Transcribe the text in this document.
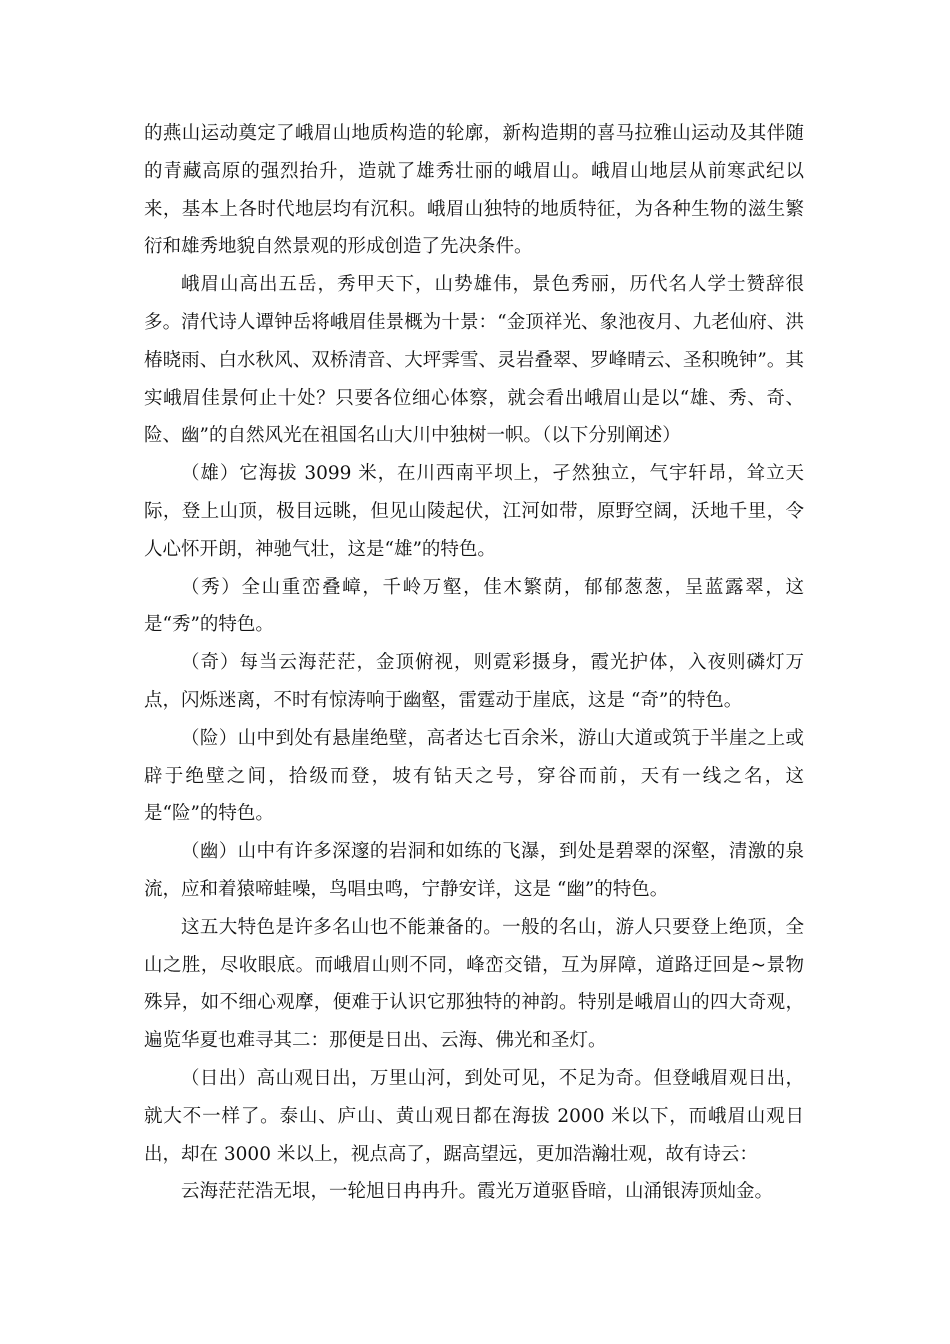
的燕山运动奠定了峨眉山地质构造的轮廓，新构造期的喜马拉雅山运动及其伴随的青藏高原的强烈抬升，造就了雄秀壮丽的峨眉山。峨眉山地层从前寒武纪以来，基本上各时代地层均有沉积。峨眉山独特的地质特征，为各种生物的滋生繁衍和雄秀地貌自然景观的形成创造了先决条件。

峨眉山高出五岳，秀甲天下，山势雄伟，景色秀丽，历代名人学士赞辞很多。清代诗人谭钟岳将峨眉佳景概为十景：“金顶祥光、象池夜月、九老仙府、洪椿晓雨、白水秋风、双桥清音、大坪霁雪、灵岩叠翠、罗峰晴云、圣积晚钟”。其实峨眉佳景何止十处？只要各位细心体察，就会看出峨眉山是以“雄、秀、奇、险、幽”的自然风光在祖国名山大川中独树一帜。（以下分别阐述）

（雄）它海拔 3099 米，在川西南平坝上，孑然独立，气宇轩昂，耸立天际，登上山顶，极目远眺，但见山陵起伏，江河如带，原野空阔，沃地千里，令人心怀开朗，神驰气壮，这是“雄”的特色。

（秀）全山重峦叠嶂，千岭万壑，佳木繁荫，郁郁葱葱，呈蓝露翠，这是“秀”的特色。

（奇）每当云海茫茫，金顶俯视，则霓彩摄身，霞光护体，入夜则磷灯万点，闪烁迷离，不时有惊涛响于幽壑，雷霆动于崖底，这是 “奇”的特色。

（险）山中到处有悬崖绝壁，高者达七百余米，游山大道或筑于半崖之上或辟于绝壁之间，拾级而登，坡有钻天之号，穿谷而前，天有一线之名，这是“险”的特色。

（幽）山中有许多深邃的岩洞和如练的飞瀑，到处是碧翠的深壑，清激的泉流，应和着猿啼蛙噪，鸟唱虫鸣，宁静安详，这是 “幽”的特色。

这五大特色是许多名山也不能兼备的。一般的名山，游人只要登上绝顶，全山之胜，尽收眼底。而峨眉山则不同，峰峦交错，互为屏障，道路迂回是~景物殊异，如不细心观摩，便难于认识它那独特的神韵。特别是峨眉山的四大奇观，遍览华夏也难寻其二：那便是日出、云海、佛光和圣灯。

（日出）高山观日出，万里山河，到处可见，不足为奇。但登峨眉观日出，就大不一样了。泰山、庐山、黄山观日都在海拔 2000 米以下，而峨眉山观日出，却在 3000 米以上，视点高了，踞高望远，更加浩瀚壮观，故有诗云：

云海茫茫浩无垠，一轮旭日冉冉升。霞光万道驱昏暗，山涌银涛顶灿金。
